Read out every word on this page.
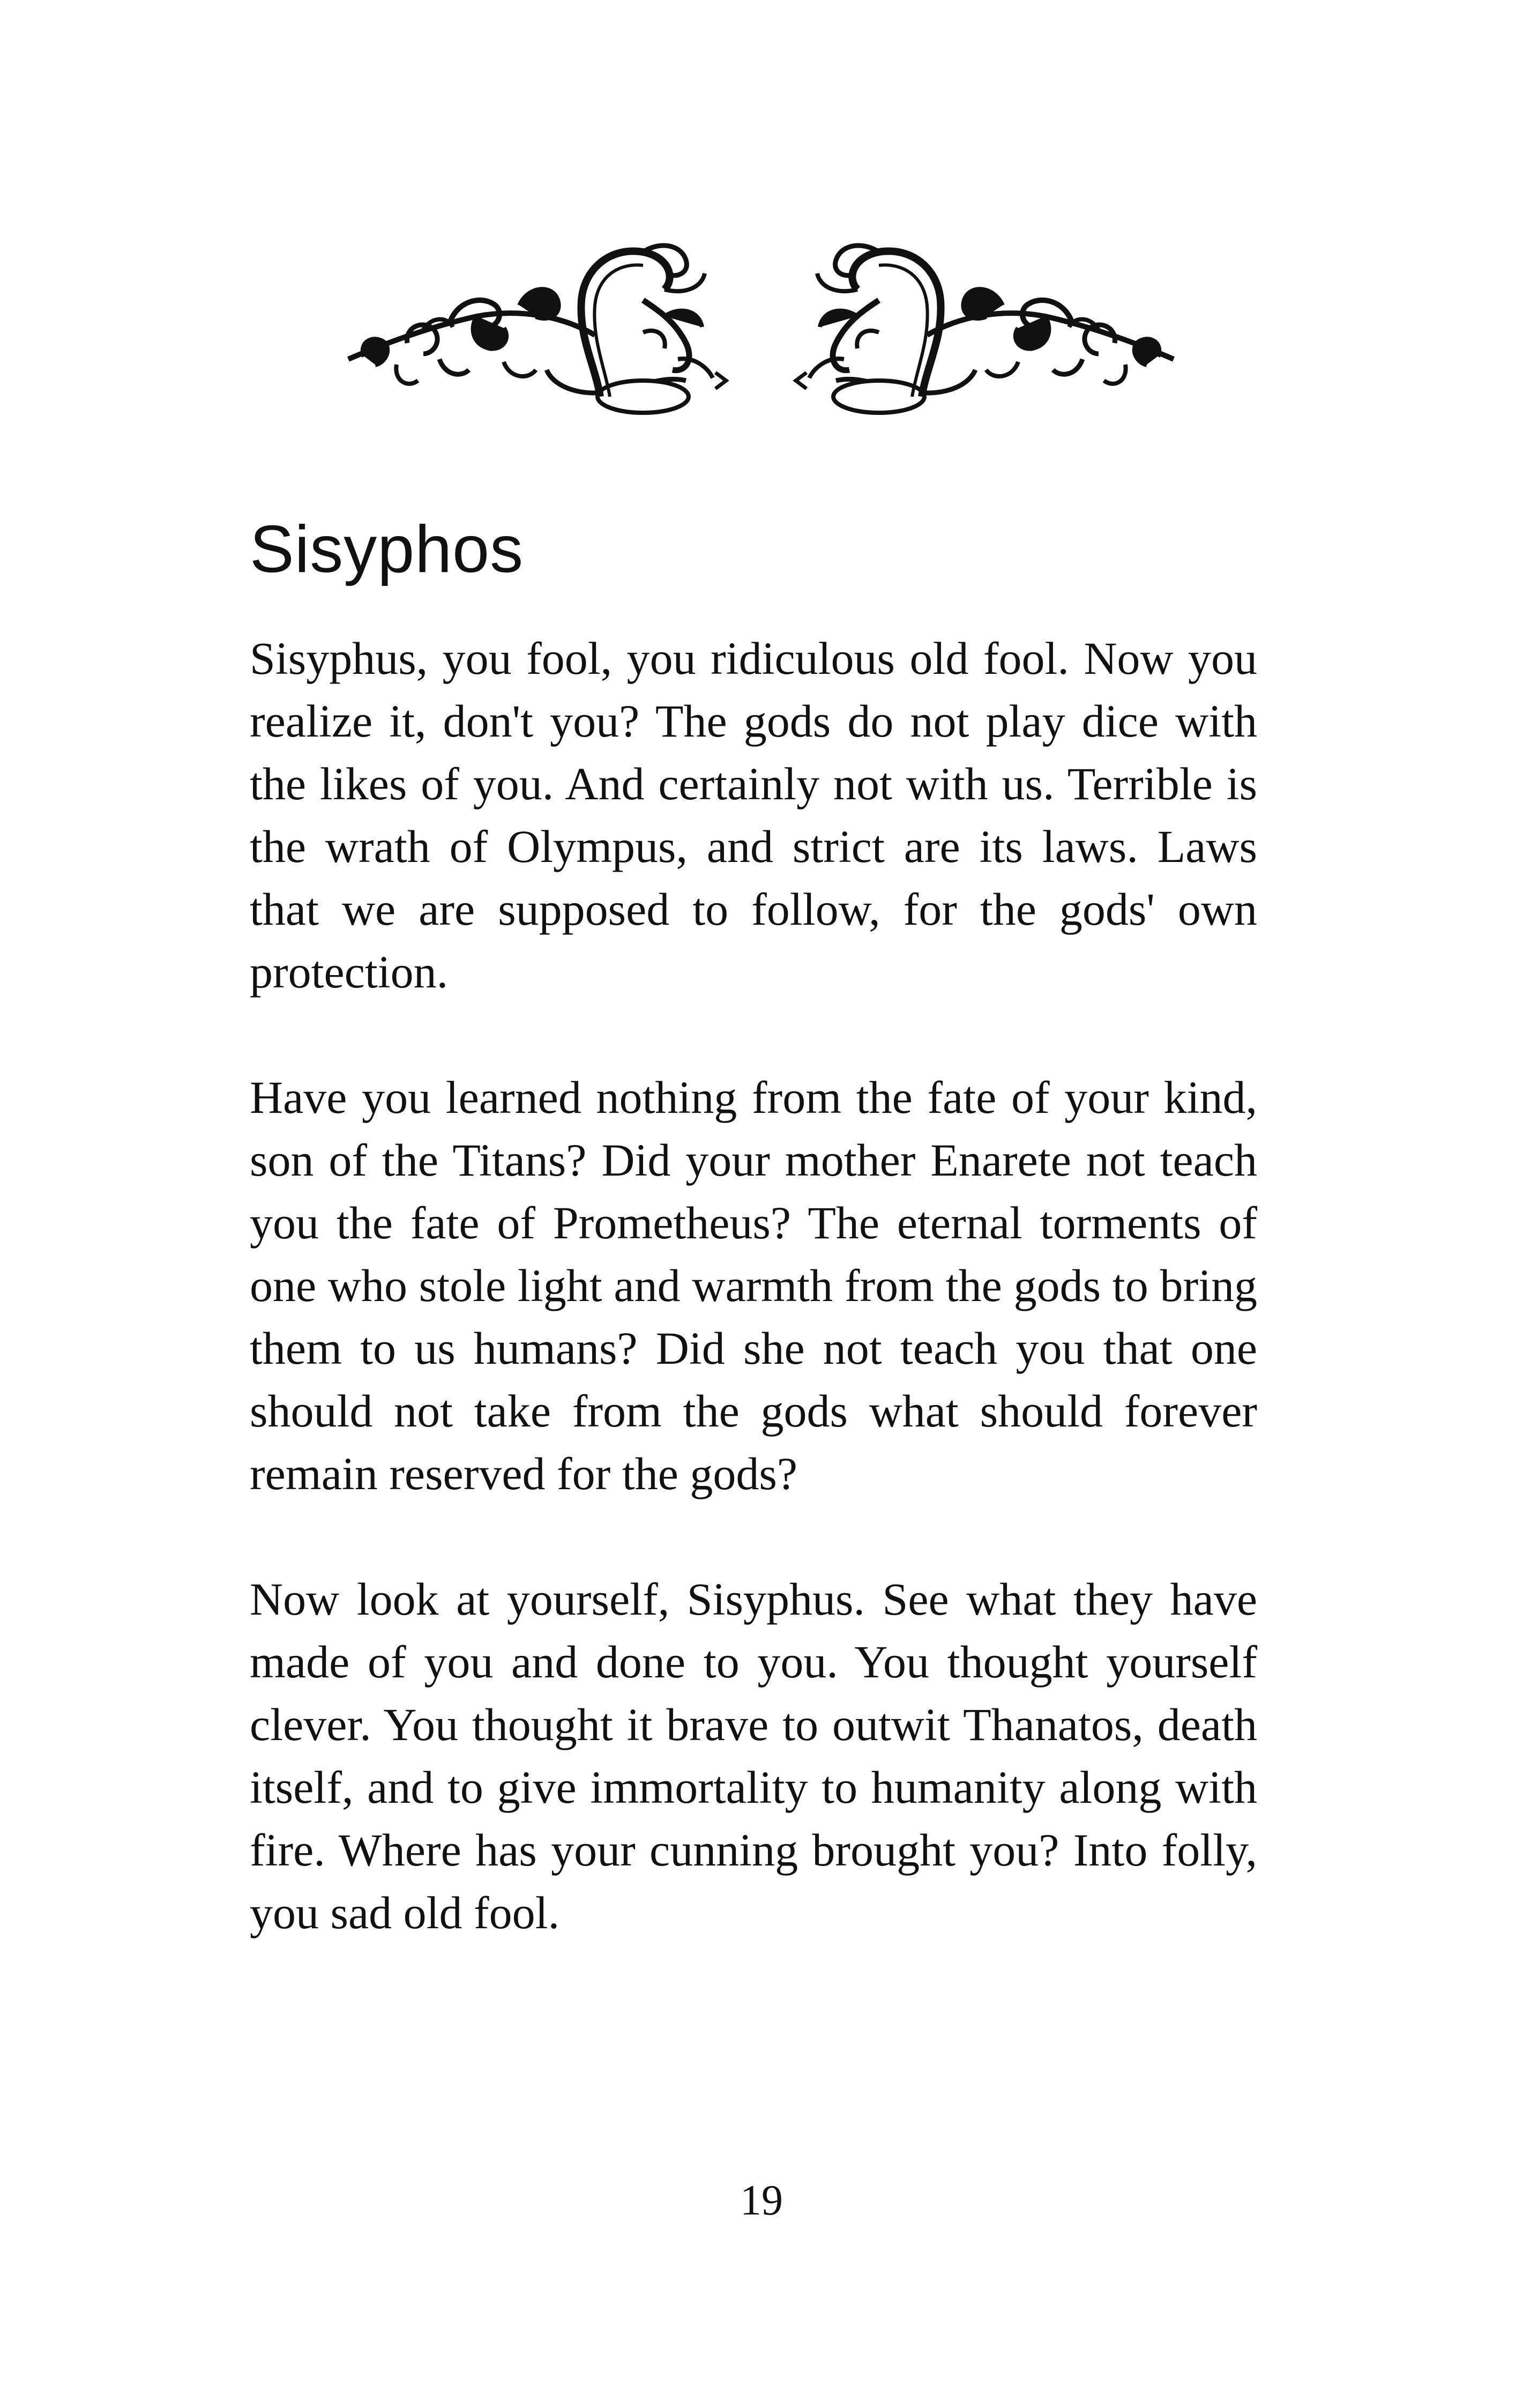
Sisyphos

Sisyphus, you fool, you ridiculous old fool. Now you realize it, don't you? The gods do not play dice with the likes of you. And certainly not with us. Terrible is the wrath of Olympus, and strict are its laws. Laws that we are supposed to follow, for the gods' own protection.

Have you learned nothing from the fate of your kind, son of the Titans? Did your mother Enarete not teach you the fate of Prometheus? The eternal torments of one who stole light and warmth from the gods to bring them to us humans? Did she not teach you that one should not take from the gods what should forever remain reserved for the gods?

Now look at yourself, Sisyphus. See what they have made of you and done to you. You thought yourself clever. You thought it brave to outwit Thanatos, death itself, and to give immortality to humanity along with fire. Where has your cunning brought you? Into folly, you sad old fool.

19
